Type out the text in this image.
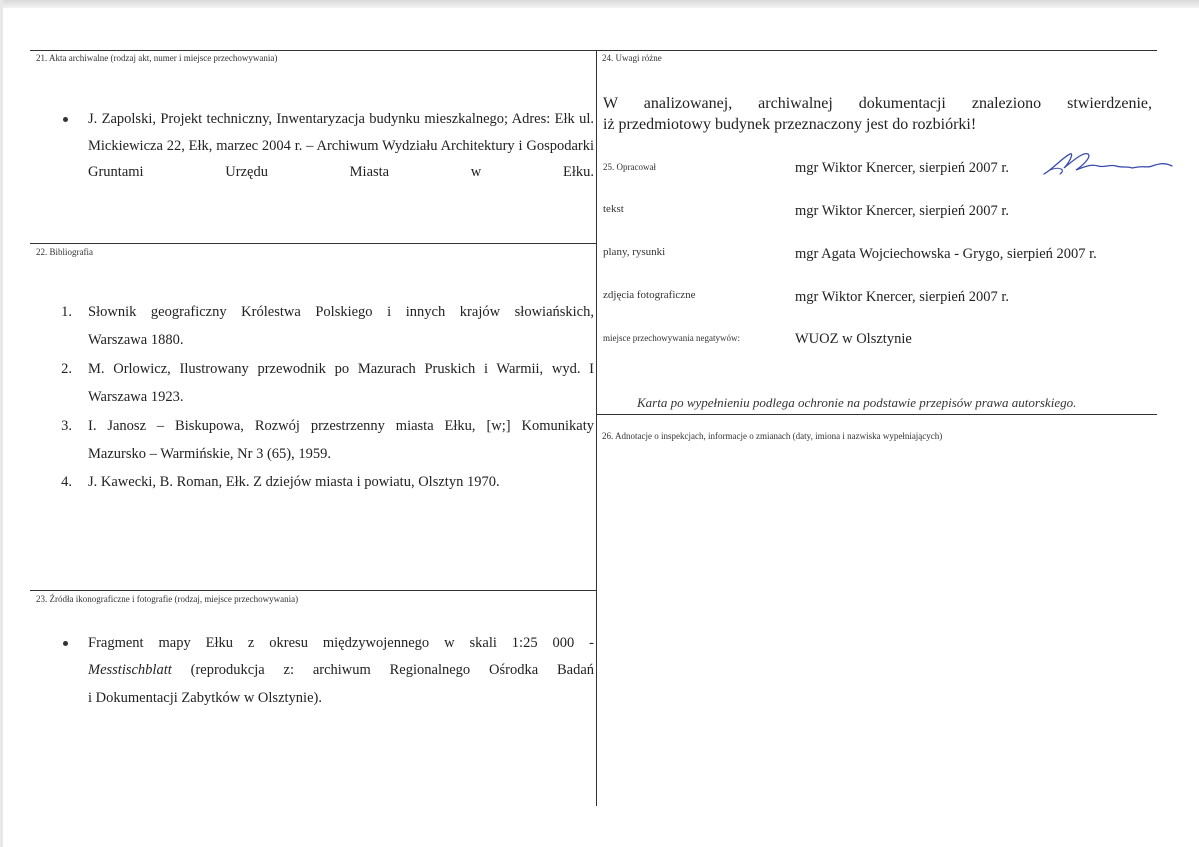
21. Akta archiwalne (rodzaj akt, numer i miejsce przechowywania)
J. Zapolski, Projekt techniczny, Inwentaryzacja budynku mieszkalnego; Adres: Ełk ul. Mickiewicza 22, Ełk, marzec 2004 r. – Archiwum Wydziału Architektury i Gospodarki Gruntami Urzędu Miasta w Ełku.
22. Bibliografia
1. Słownik geograficzny Królestwa Polskiego i innych krajów słowiańskich,
Warszawa 1880.
2. M. Orlowicz, Ilustrowany przewodnik po Mazurach Pruskich i Warmii, wyd. I
Warszawa 1923.
3. I. Janosz – Biskupowa, Rozwój przestrzenny miasta Ełku, [w;] Komunikaty
Mazursko – Warmińskie, Nr 3 (65), 1959.
4. J. Kawecki, B. Roman, Ełk. Z dziejów miasta i powiatu, Olsztyn 1970.
23. Źródła ikonograficzne i fotografie (rodzaj, miejsce przechowywania)
Fragment mapy Ełku z okresu międzywojennego w skali 1:25 000 -
Messtischblatt (reprodukcja z: archiwum Regionalnego Ośrodka Badań
i Dokumentacji Zabytków w Olsztynie).
24. Uwagi różne
W analizowanej, archiwalnej dokumentacji znaleziono stwierdzenie,
iż przedmiotowy budynek przeznaczony jest do rozbiórki!
25. Opracował	mgr Wiktor Knercer, sierpień 2007 r.
tekst	mgr Wiktor Knercer, sierpień 2007 r.
plany, rysunki	mgr Agata Wojciechowska - Grygo, sierpień 2007 r.
zdjęcia fotograficzne	mgr Wiktor Knercer, sierpień 2007 r.
miejsce przechowywania negatywów:	WUOZ w Olsztynie
Karta po wypełnieniu podlega ochronie na podstawie przepisów prawa autorskiego.
26. Adnotacje o inspekcjach, informacje o zmianach (daty, imiona i nazwiska wypełniających)
